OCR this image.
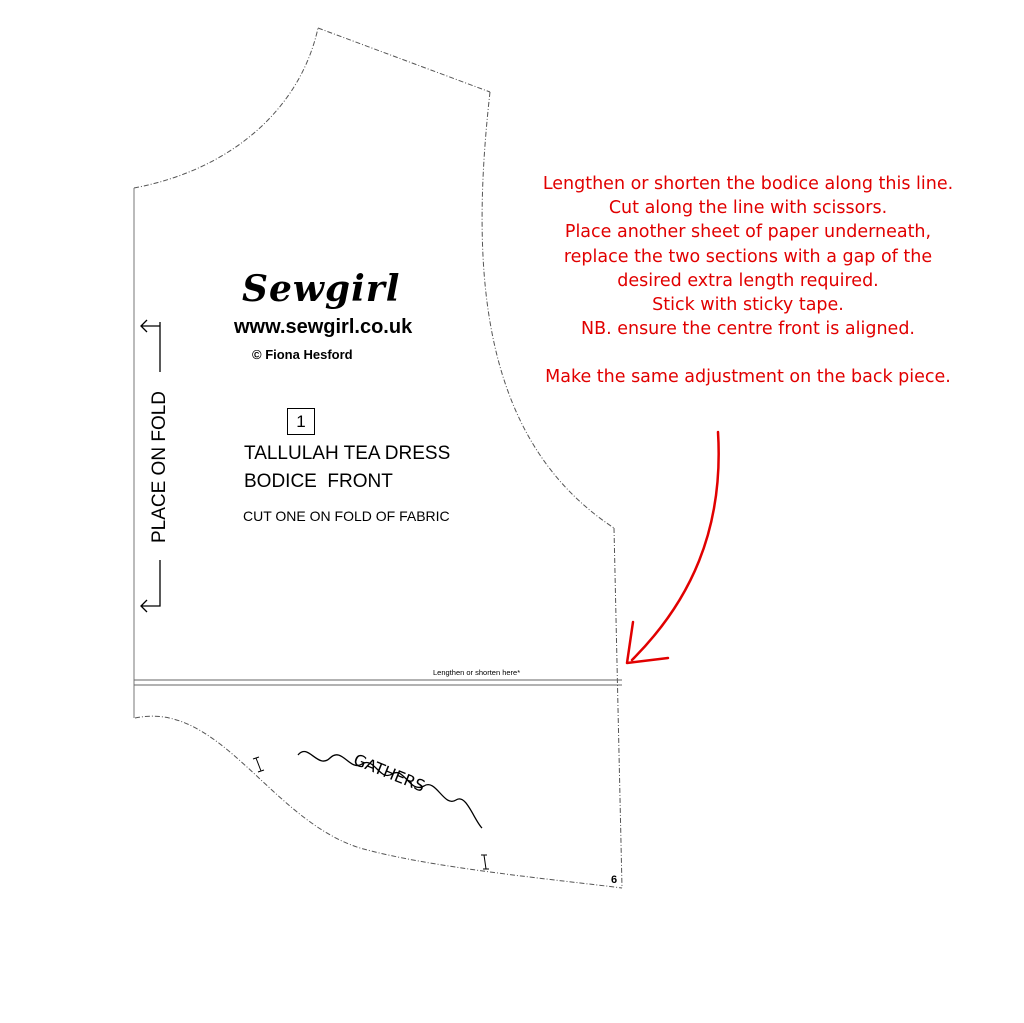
Sewgirl
www.sewgirl.co.uk
© Fiona Hesford
1
TALLULAH TEA DRESS
BODICE  FRONT
CUT ONE ON FOLD OF FABRIC
PLACE ON FOLD
Lengthen or shorten here*
GATHERS
6
Lengthen or shorten the bodice along this line.
Cut along the line with scissors.
Place another sheet of paper underneath,
replace the two sections with a gap of the
desired extra length required.
Stick with sticky tape.
NB. ensure the centre front is aligned.
Make the same adjustment on the back piece.
